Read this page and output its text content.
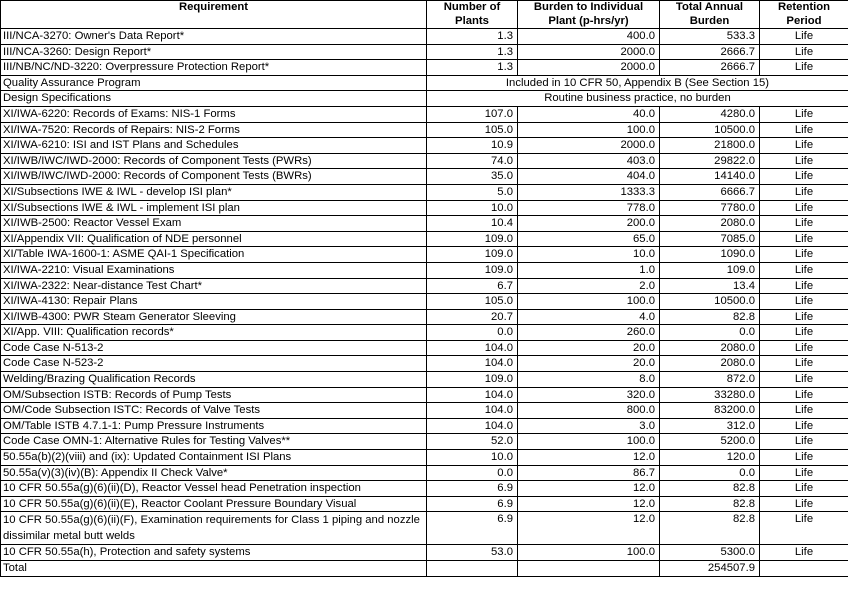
Requirement	Number of Plants	Burden to Individual Plant (p-hrs/yr)	Total Annual Burden	Retention Period
III/NCA-3270: Owner's Data Report*	1.3	400.0	533.3	Life
III/NCA-3260: Design Report*	1.3	2000.0	2666.7	Life
III/NB/NC/ND-3220: Overpressure Protection Report*	1.3	2000.0	2666.7	Life
Quality Assurance Program	Included in 10 CFR 50, Appendix B (See Section 15)			
Design Specifications	Routine business practice, no burden			
XI/IWA-6220: Records of Exams: NIS-1 Forms	107.0	40.0	4280.0	Life
XI/IWA-7520: Records of Repairs: NIS-2 Forms	105.0	100.0	10500.0	Life
XI/IWA-6210: ISI and IST Plans and Schedules	10.9	2000.0	21800.0	Life
XI/IWB/IWC/IWD-2000: Records of Component Tests (PWRs)	74.0	403.0	29822.0	Life
XI/IWB/IWC/IWD-2000: Records of Component Tests (BWRs)	35.0	404.0	14140.0	Life
XI/Subsections IWE & IWL - develop ISI plan*	5.0	1333.3	6666.7	Life
XI/Subsections IWE & IWL - implement ISI plan	10.0	778.0	7780.0	Life
XI/IWB-2500: Reactor Vessel Exam	10.4	200.0	2080.0	Life
XI/Appendix VII: Qualification of NDE personnel	109.0	65.0	7085.0	Life
XI/Table IWA-1600-1: ASME QAI-1 Specification	109.0	10.0	1090.0	Life
XI/IWA-2210: Visual Examinations	109.0	1.0	109.0	Life
XI/IWA-2322: Near-distance Test Chart*	6.7	2.0	13.4	Life
XI/IWA-4130: Repair Plans	105.0	100.0	10500.0	Life
XI/IWB-4300: PWR Steam Generator Sleeving	20.7	4.0	82.8	Life
XI/App. VIII: Qualification records*	0.0	260.0	0.0	Life
Code Case N-513-2	104.0	20.0	2080.0	Life
Code Case N-523-2	104.0	20.0	2080.0	Life
Welding/Brazing Qualification Records	109.0	8.0	872.0	Life
OM/Subsection ISTB: Records of Pump Tests	104.0	320.0	33280.0	Life
OM/Code Subsection ISTC: Records of Valve Tests	104.0	800.0	83200.0	Life
OM/Table ISTB 4.7.1-1: Pump Pressure Instruments	104.0	3.0	312.0	Life
Code Case OMN-1: Alternative Rules for Testing Valves**	52.0	100.0	5200.0	Life
50.55a(b)(2)(viii) and (ix): Updated Containment ISI Plans	10.0	12.0	120.0	Life
50.55a(v)(3)(iv)(B): Appendix II Check Valve*	0.0	86.7	0.0	Life
10 CFR 50.55a(g)(6)(ii)(D), Reactor Vessel head Penetration inspection	6.9	12.0	82.8	Life
10 CFR 50.55a(g)(6)(ii)(E), Reactor Coolant Pressure Boundary Visual	6.9	12.0	82.8	Life
10 CFR 50.55a(g)(6)(ii)(F), Examination requirements for Class 1 piping and nozzle dissimilar metal butt welds	6.9	12.0	82.8	Life
10 CFR 50.55a(h), Protection and safety systems	53.0	100.0	5300.0	Life
Total			254507.9	
